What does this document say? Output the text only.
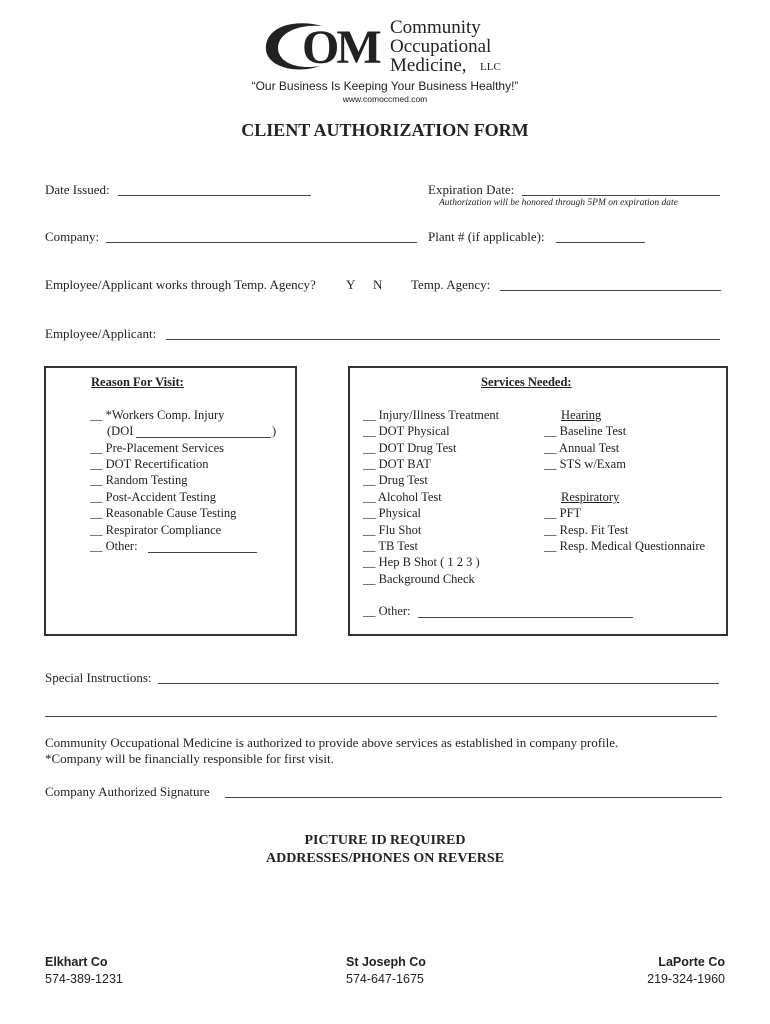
OM Community
Occupational
Medicine, LLC
“Our Business Is Keeping Your Business Healthy!”
www.comoccmed.com
CLIENT AUTHORIZATION FORM
Date Issued:	Expiration Date:
Authorization will be honored through 5PM on expiration date
Company:	Plant # (if applicable):
Employee/Applicant works through Temp. Agency? Y N Temp. Agency:
Employee/Applicant:
Reason For Visit:
__ *Workers Comp. Injury
(DOI	)
__ Pre-Placement Services
__ DOT Recertification
__ Random Testing
__ Post-Accident Testing
__ Reasonable Cause Testing
__ Respirator Compliance
__ Other:
Services Needed:
__ Injury/Illness Treatment
__ DOT Physical
__ DOT Drug Test
__ DOT BAT
__ Drug Test
__ Alcohol Test
__ Physical
__ Flu Shot
__ TB Test
__ Hep B Shot ( 1 2 3 )
__ Background Check
Hearing
__ Baseline Test
__ Annual Test
__ STS w/Exam
Respiratory
__ PFT
__ Resp. Fit Test
__ Resp. Medical Questionnaire
__ Other:
Special Instructions:
Community Occupational Medicine is authorized to provide above services as established in company profile.
*Company will be financially responsible for first visit.
Company Authorized Signature
PICTURE ID REQUIRED
ADDRESSES/PHONES ON REVERSE
Elkhart Co
574-389-1231
St Joseph Co
574-647-1675
LaPorte Co
219-324-1960
